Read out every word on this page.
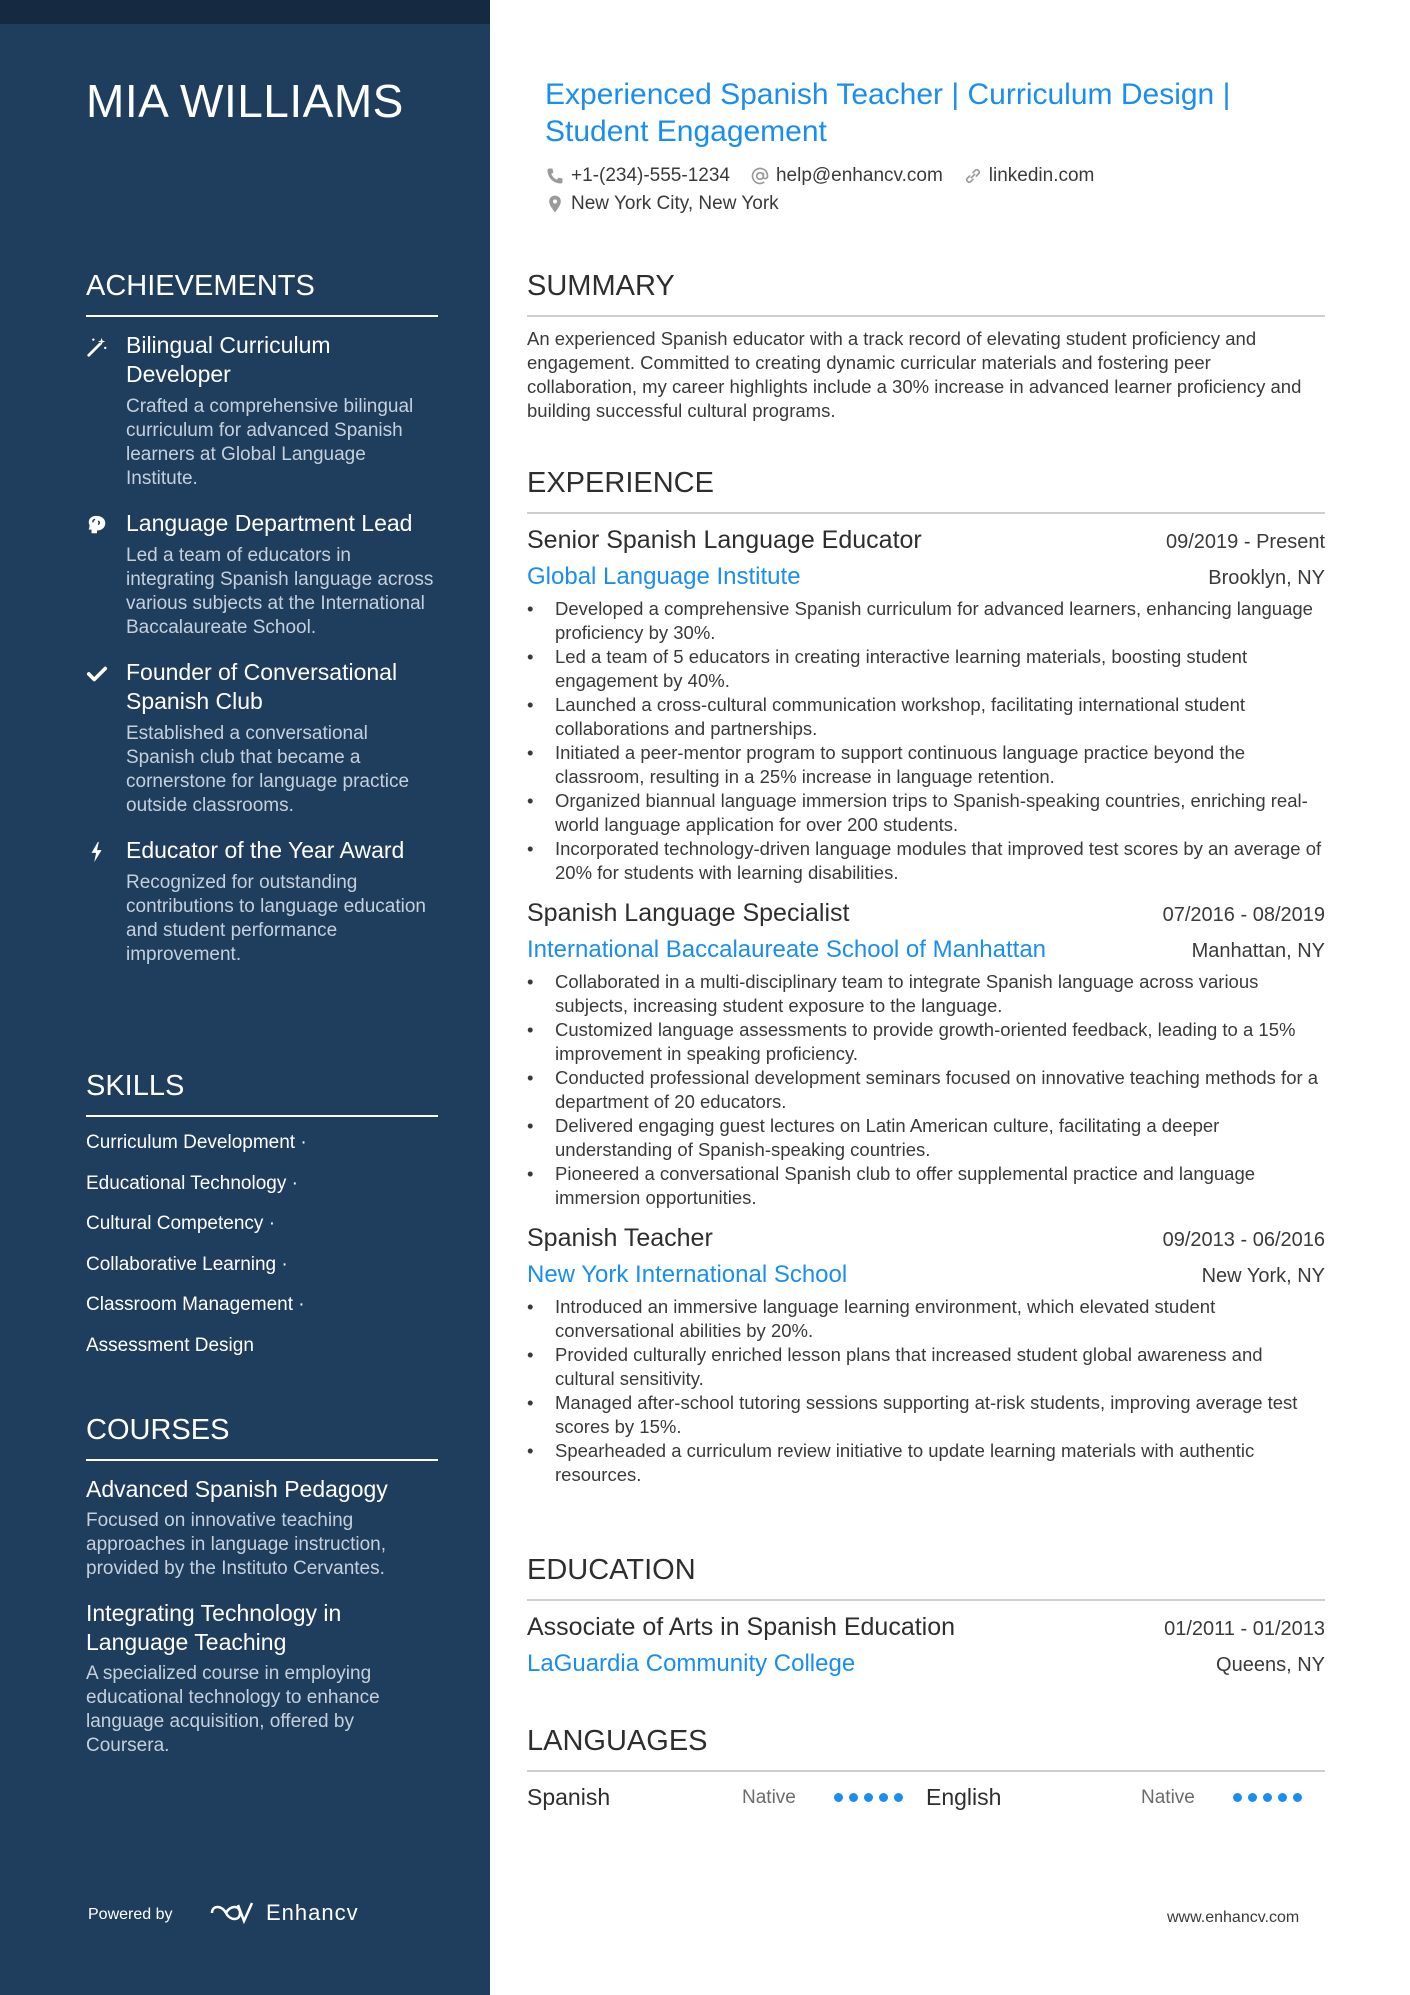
MIA WILLIAMS
ACHIEVEMENTS
Bilingual Curriculum Developer
Crafted a comprehensive bilingual curriculum for advanced Spanish learners at Global Language Institute.
Language Department Lead
Led a team of educators in integrating Spanish language across various subjects at the International Baccalaureate School.
Founder of Conversational Spanish Club
Established a conversational Spanish club that became a cornerstone for language practice outside classrooms.
Educator of the Year Award
Recognized for outstanding contributions to language education and student performance improvement.
SKILLS
Curriculum Development ·
Educational Technology ·
Cultural Competency ·
Collaborative Learning ·
Classroom Management ·
Assessment Design
COURSES
Advanced Spanish Pedagogy
Focused on innovative teaching approaches in language instruction, provided by the Instituto Cervantes.
Integrating Technology in Language Teaching
A specialized course in employing educational technology to enhance language acquisition, offered by Coursera.
Powered by	Enhancv
Experienced Spanish Teacher | Curriculum Design | Student Engagement
+1-(234)-555-1234 help@enhancv.com linkedin.com
New York City, New York
SUMMARY
An experienced Spanish educator with a track record of elevating student proficiency and engagement. Committed to creating dynamic curricular materials and fostering peer collaboration, my career highlights include a 30% increase in advanced learner proficiency and building successful cultural programs.
EXPERIENCE
Senior Spanish Language Educator	09/2019 - Present
Global Language Institute	Brooklyn, NY
• Developed a comprehensive Spanish curriculum for advanced learners, enhancing language proficiency by 30%.
• Led a team of 5 educators in creating interactive learning materials, boosting student engagement by 40%.
• Launched a cross-cultural communication workshop, facilitating international student collaborations and partnerships.
• Initiated a peer-mentor program to support continuous language practice beyond the classroom, resulting in a 25% increase in language retention.
• Organized biannual language immersion trips to Spanish-speaking countries, enriching real-world language application for over 200 students.
• Incorporated technology-driven language modules that improved test scores by an average of 20% for students with learning disabilities.
Spanish Language Specialist	07/2016 - 08/2019
International Baccalaureate School of Manhattan	Manhattan, NY
• Collaborated in a multi-disciplinary team to integrate Spanish language across various subjects, increasing student exposure to the language.
• Customized language assessments to provide growth-oriented feedback, leading to a 15% improvement in speaking proficiency.
• Conducted professional development seminars focused on innovative teaching methods for a department of 20 educators.
• Delivered engaging guest lectures on Latin American culture, facilitating a deeper understanding of Spanish-speaking countries.
• Pioneered a conversational Spanish club to offer supplemental practice and language immersion opportunities.
Spanish Teacher	09/2013 - 06/2016
New York International School	New York, NY
• Introduced an immersive language learning environment, which elevated student conversational abilities by 20%.
• Provided culturally enriched lesson plans that increased student global awareness and cultural sensitivity.
• Managed after-school tutoring sessions supporting at-risk students, improving average test scores by 15%.
• Spearheaded a curriculum review initiative to update learning materials with authentic resources.
EDUCATION
Associate of Arts in Spanish Education	01/2011 - 01/2013
LaGuardia Community College	Queens, NY
LANGUAGES
Spanish	Native	English	Native
www.enhancv.com
